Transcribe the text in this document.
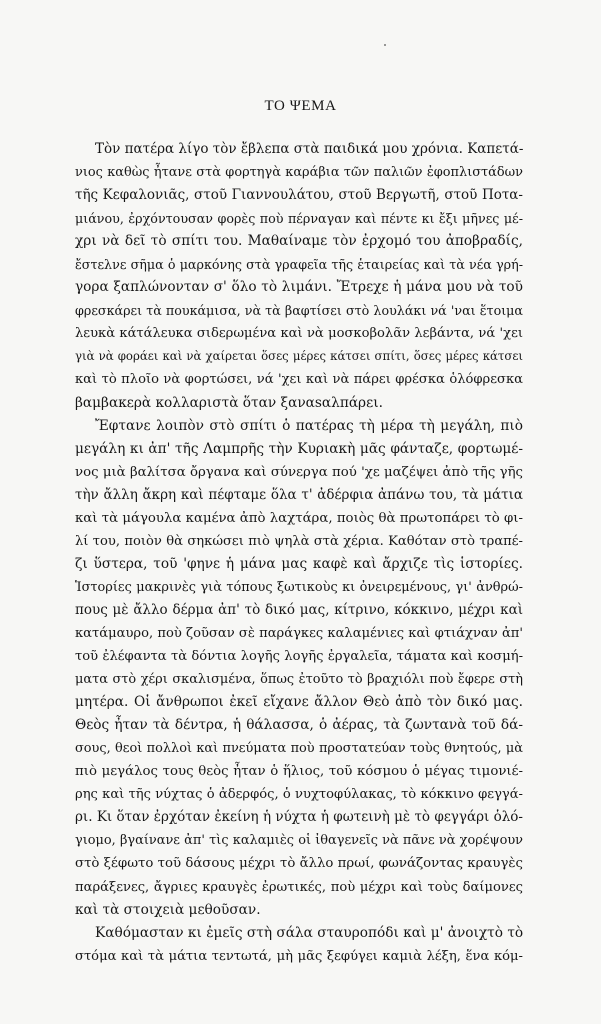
ΤΟ ΨΕΜΑ
Τὸν πατέρα λίγο τὸν ἔβλεπα στὰ παιδικά μου χρόνια. Καπετά-
νιος καθὼς ἦτανε στὰ φορτηγὰ καράβια τῶν παλιῶν ἐφοπλιστάδων
τῆς Κεφαλονιᾶς, στοῦ Γιαννουλάτου, στοῦ Βεργωτῆ, στοῦ Ποτα-
μιάνου, ἐρχόντουσαν φορὲς ποὺ πέρναγαν καὶ πέντε κι ἔξι μῆνες μέ-
χρι νὰ δεῖ τὸ σπίτι του. Μαθαίναμε τὸν ἐρχομό του ἀποβραδίς,
ἔστελνε σῆμα ὁ μαρκόνης στὰ γραφεῖα τῆς ἑταιρείας καὶ τὰ νέα γρή-
γορα ξαπλώνονταν σ' ὅλο τὸ λιμάνι. Ἔτρεχε ἡ μάνα μου νὰ τοῦ
φρεσκάρει τὰ πουκάμισα, νὰ τὰ βαφτίσει στὸ λουλάκι νά 'ναι ἕτοιμα
λευκὰ κάτάλευκα σιδερωμένα καὶ νὰ μοσκοβολᾶν λεβάντα, νά 'χει
γιὰ νὰ φοράει καὶ νὰ χαίρεται ὅσες μέρες κάτσει σπίτι, ὅσες μέρες κάτσει
καὶ τὸ πλοῖο νὰ φορτώσει, νά 'χει καὶ νὰ πάρει φρέσκα ὁλόφρεσκα
βαμβακερὰ κολλαριστὰ ὅταν ξαναsαλπάρει.
Ἔφτανε λοιπὸν στὸ σπίτι ὁ πατέρας τὴ μέρα τὴ μεγάλη, πιὸ
μεγάλη κι ἀπ' τῆς Λαμπρῆς τὴν Κυριακὴ μᾶς φάνταζε, φορτωμέ-
νος μιὰ βαλίτσα ὄργανα καὶ σύνεργα πού 'χε μαζέψει ἀπὸ τῆς γῆς
τὴν ἄλλη ἄκρη καὶ πέφταμε ὅλα τ' ἀδέρφια ἀπάνω του, τὰ μάτια
καὶ τὰ μάγουλα καμένα ἀπὸ λαχτάρα, ποιὸς θὰ πρωτοπάρει τὸ φι-
λί του, ποιὸν θὰ σηκώσει πιὸ ψηλὰ στὰ χέρια. Καθόταν στὸ τραπέ-
ζι ὕστερα, τοῦ 'φηνε ἡ μάνα μας καφὲ καὶ ἄρχιζε τὶς ἱστορίες.
Ἱστορίες μακρινὲς γιὰ τόπους ξωτικοὺς κι ὀνειρεμένους, γι' ἀνθρώ-
πους μὲ ἄλλο δέρμα ἀπ' τὸ δικό μας, κίτρινο, κόκκινο, μέχρι καὶ
κατάμαυρο, ποὺ ζοῦσαν σὲ παράγκες καλαμένιες καὶ φτιάχναν ἀπ'
τοῦ ἐλέφαντα τὰ δόντια λογῆς λογῆς ἐργαλεῖα, τάματα καὶ κοσμή-
ματα στὸ χέρι σκαλισμένα, ὅπως ἐτοῦτο τὸ βραχιόλι ποὺ ἔφερε στὴ
μητέρα. Οἱ ἄνθρωποι ἐκεῖ εἴχανε ἄλλον Θεὸ ἀπὸ τὸν δικό μας.
Θεὸς ἦταν τὰ δέντρα, ἡ θάλασσα, ὁ ἀέρας, τὰ ζωντανὰ τοῦ δά-
σους, θεοὶ πολλοὶ καὶ πνεύματα ποὺ προστατεύαν τοὺς θνητούς, μὰ
πιὸ μεγάλος τους θεὸς ἦταν ὁ ἥλιος, τοῦ κόσμου ὁ μέγας τιμονιέ-
ρης καὶ τῆς νύχτας ὁ ἀδερφός, ὁ νυχτοφύλακας, τὸ κόκκινο φεγγά-
ρι. Κι ὅταν ἐρχόταν ἐκείνη ἡ νύχτα ἡ φωτεινὴ μὲ τὸ φεγγάρι ὁλό-
γιομο, βγαίνανε ἀπ' τὶς καλαμιὲς οἱ ἰθαγενεῖς νὰ πᾶνε νὰ χορέψουν
στὸ ξέφωτο τοῦ δάσους μέχρι τὸ ἄλλο πρωί, φωνάζοντας κραυγὲς
παράξενες, ἄγριες κραυγὲς ἐρωτικές, ποὺ μέχρι καὶ τοὺς δαίμονες
καὶ τὰ στοιχειὰ μεθοῦσαν.
Καθόμασταν κι ἐμεῖς στὴ σάλα σταυροπόδι καὶ μ' ἀνοιχτὸ τὸ
στόμα καὶ τὰ μάτια τεντωτά, μὴ μᾶς ξεφύγει καμιὰ λέξη, ἕνα κόμ-
